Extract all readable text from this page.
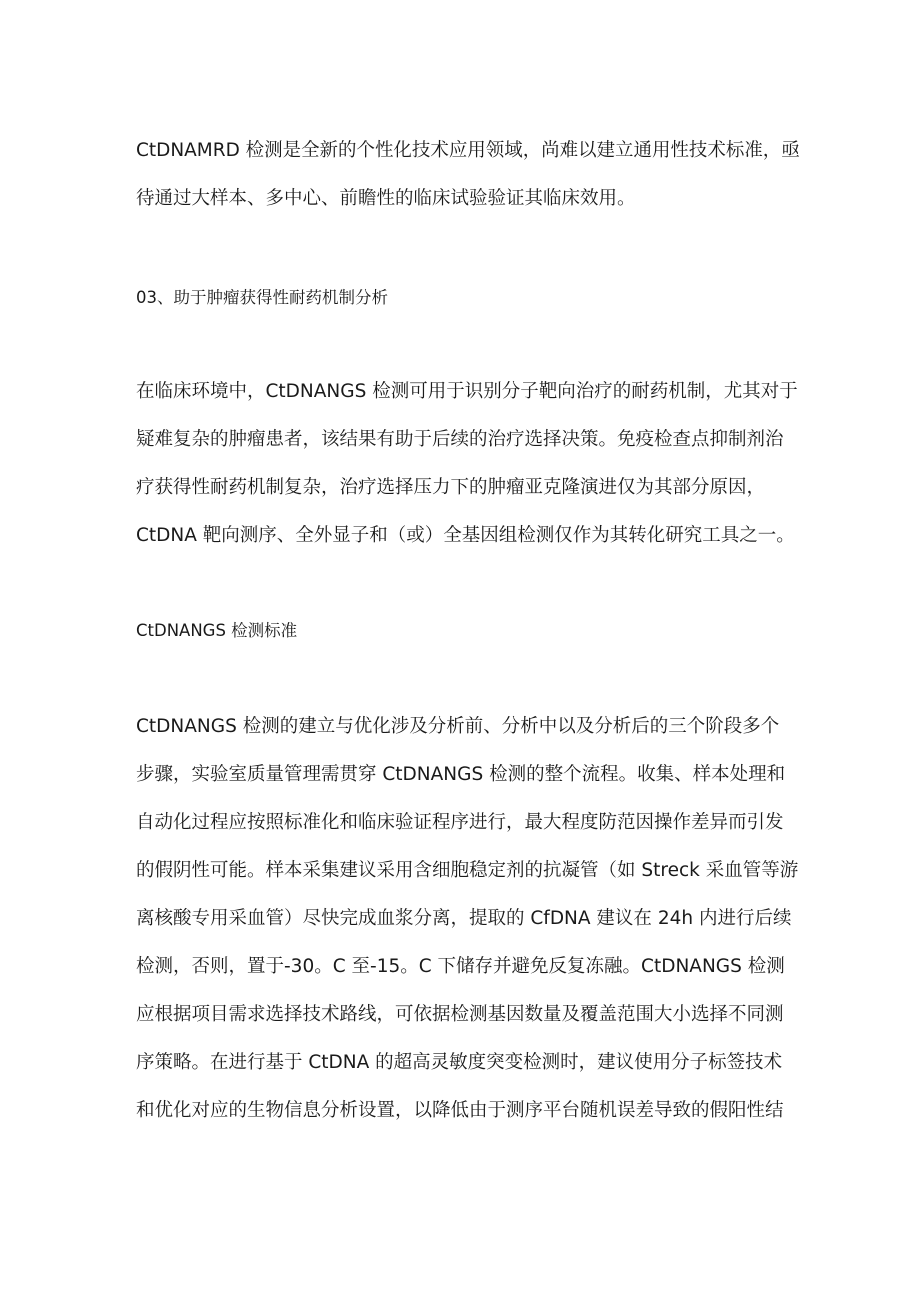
CtDNAMRD 检测是全新的个性化技术应用领域，尚难以建立通用性技术标准，亟
待通过大样本、多中心、前瞻性的临床试验验证其临床效用。
03、助于肿瘤获得性耐药机制分析
在临床环境中，CtDNANGS 检测可用于识别分子靶向治疗的耐药机制，尤其对于
疑难复杂的肿瘤患者，该结果有助于后续的治疗选择决策。免疫检查点抑制剂治
疗获得性耐药机制复杂，治疗选择压力下的肿瘤亚克隆演进仅为其部分原因，
CtDNA 靶向测序、全外显子和（或）全基因组检测仅作为其转化研究工具之一。
CtDNANGS 检测标准
CtDNANGS 检测的建立与优化涉及分析前、分析中以及分析后的三个阶段多个
步骤，实验室质量管理需贯穿 CtDNANGS 检测的整个流程。收集、样本处理和
自动化过程应按照标准化和临床验证程序进行，最大程度防范因操作差异而引发
的假阴性可能。样本采集建议采用含细胞稳定剂的抗凝管（如 Streck 采血管等游
离核酸专用采血管）尽快完成血浆分离，提取的 CfDNA 建议在 24h 内进行后续
检测，否则，置于-30。C 至-15。C 下储存并避免反复冻融。CtDNANGS 检测
应根据项目需求选择技术路线，可依据检测基因数量及覆盖范围大小选择不同测
序策略。在进行基于 CtDNA 的超高灵敏度突变检测时，建议使用分子标签技术
和优化对应的生物信息分析设置，以降低由于测序平台随机误差导致的假阳性结
